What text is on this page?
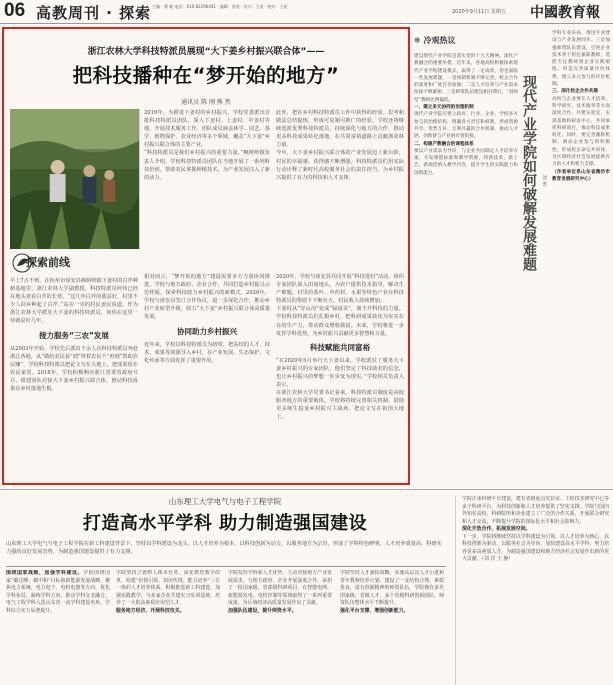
06 高教周刊 · 探索 主编：翟 帆 电话：010-82296441 · 编辑：张欣 · 设计：王星 · 校对：王星
2020年9月11日 星期五 中國教育報
浙江农林大学科技特派员展现“大下姜乡村振兴联合体”——
把科技播种在“梦开始的地方”
通讯员 陈 刚 熊 然
探索前线

早上7点不到，在杭州市淳安县枫树岭镇下姜村的白芹种植基地里，浙江农林大学副教授、科技特派员何伟已经在地头查看白芹的长势。“这几年白芹的收益好，村里不少人回乡种起了白芹。”站在一旁的村民姜民说道。作为浙江农林大学派驻大下姜的科技特派员，何伟在这里一待就是好几年。

接力服务“三农”发展

从2003年开始，学校先后派出千余人次科技特派员奔赴浙江各地，从“做给农民看”到“带着农民干”再到“帮助农民赚”，学校科技特派员把论文写在大地上，把成果留在农民家里。2018年，学校积极响应浙江省委省政府号召，组建团队对接大下姜乡村振兴联合体，推动科技成果在乡村落地生根。

2019年，为推进下姜村的乡村振兴，学校党委派出首批科技特派员团队，深入下姜村、上姜村、中姜村等地，开展技术服务工作。团队成员涵盖林学、园艺、茶学、植物保护、农业经济等多个领域，覆盖“大下姜”乡村振兴联合体的主要产业。

“科技特派员是我们乡村振兴的重要力量。”枫树岭镇负责人介绍，学校科技特派员团队在当地开展了一系列科技培训，帮助农民掌握种植技术，为产业发展注入了新的活力。

此外，把在乡村科技特派员工作中获得的经验、思考和做法总结提炼，形成可复制可推广的经验。学校还将继续选派优秀科技特派员，持续深化与地方的合作，推动更多科技成果转化落地，在共同富裕道路上贡献浙农林力量。

今年，大下姜乡村振兴联合体的产业发展迈上新台阶，村民的幸福感、获得感不断增强。科技特派员们用实际行动诠释了新时代高校服务社会的责任担当，为乡村振兴提供了有力的科技和人才支撑。

相对而言，“梦开始的地方”建设需要多方力量协同推进。学校与地方政府、企业合作，共同打造乡村振兴示范样板，探索科技助力乡村振兴的新模式。2020年，学校与淳安县签订合作协议，进一步深化合作，推动乡村产业转型升级，助力“大下姜”乡村振兴联合体高质量发展。

协同助力乡村振兴

近年来，学校以科技特派员为纽带，把高校的人才、技术、成果等资源导入乡村，在产业发展、生态保护、文化传承等方面发挥了重要作用。

2020年，学校与淳安县共同开展“科技进村”活动，组织专家团队深入田间地头，为农户提供技术指导，解决生产难题。村里的茶叶、中药材、水果等特色产业在科技特派员的帮助下不断壮大，村民收入持续增加。

下姜村从“穷山沟”变成“绿富美”，离不开科技的力量。学校科技特派员们扎根乡村，把科研成果转化为实实在在的生产力，带动群众增收致富。未来，学校将进一步发挥学科优势，为乡村振兴贡献更多智慧和力量。

科技赋能共同富裕

“在2020年5月举行大下姜以来，学校派驻了服务大下姜乡村振兴的专家团队，他们坚定了科技助农的信念，也让乡村振兴的梦想一步步变为现实。”学校相关负责人表示。

在浙江农林大学党委书记看来，科技特派员制度是高校服务地方的重要载体。学校将持续完善相关机制，鼓励更多师生投身乡村振兴主战场，把论文写在祖国大地上。

❄ 冷观热议
现代产业学院如何破解发展难题 刘 勇

建设现代产业学院是落实党的十九大精神、深化产教融合的重要举措。近年来，各地高校积极探索现代产业学院建设模式，取得了一定成效，但也面临一些发展难题。一是体制机制不够完善，校企合作的深度和广度有待加强；二是人才培养与产业需求衔接不够紧密；三是师资队伍建设相对滞后，“双师型”教师比例偏低。

一、建立多元协同的治理机制

现代产业学院应建立政府、行业、企业、学校多方参与的治理结构，明确各方责任和权利，形成资源共享、优势互补、互利共赢的合作机制，推动人才链、创新链与产业链有效衔接。

二、构建产教融合的课程体系

要以产业需求为导向，与企业共同制定人才培养方案，开发课程标准和教学资源，将新技术、新工艺、新规范纳入教学内容，提升学生的实践能力和创新能力。

学科专业布局，推进专业建设与产业发展同步。三是加强师资队伍建设，引进企业技术骨干担任兼职教师，选派专任教师到企业实践锻炼。四是完善质量评价体系，建立多元参与的评价机制。

三、深化校企合作共建

高校与企业要在人才培养、科学研究、技术服务等方面深度合作，共建实验室、实训基地和研发中心，共同承担科研项目，推动科技成果转化。同时，要完善激励机制，调动企业参与的积极性，形成校企命运共同体，为区域经济社会发展提供有力的人才和智力支撑。

（作者单位系山东省潍坊市教育发展研究中心）

山东理工大学电气与电子工程学院
打造高水平学科 助力制造强国建设

山东理工大学电气与电子工程学院在新工科建设背景下，坚持以学科建设为龙头，以人才培养为根本，以科技创新为动力，以服务地方为宗旨，形成了学科特色鲜明、人才培养质量高、科研实力强的良好发展态势，为制造强国建设提供了有力支撑。

围绕国家战略，加强学科建设。学院围绕国家“碳达峰、碳中和”目标和新能源发展战略，聚焦电力系统、电力电子、电机电器等方向，优化学科布局，凝练学科方向，推动学科交叉融合。电气工程学科入选山东省一流学科建设名单，学科综合实力显著提升。

学院坚持立德树人根本任务，深化教育教学改革，构建“价值引领、知识传授、能力培养”三位一体的人才培养体系。积极推进新工科建设，加强实践教学，与多家企业共建实习实训基地，培养了一大批高素质应用型人才。

服务地方经济，开展科技攻关。

学院发挥学科和人才优势，主动对接地方产业发展需求，与地方政府、企业开展深度合作，承担了一批国家级、省部级科研项目，在智能电网、新能源发电、电机控制等领域取得了一系列重要成果，为区域经济高质量发展作出了贡献。

加强队伍建设，提升师资水平。

学院坚持人才强院战略，实施高层次人才引进和青年教师培养计划，建设了一支结构合理、素质优良、富有创新精神的师资队伍。学院拥有多名国家级、省级人才，多个省级科研创新团队，师资队伍整体水平不断提升。

强化平台支撑，增强创新能力。

学院注重科研平台建设，建有省级重点实验室、工程技术研究中心等多个科研平台，为科技创新和人才培养提供了坚实支撑。学院与国内外知名高校、科研院所和企业建立了广泛的合作关系，开展联合研究和人才交流，不断提升学院的国际化水平和社会影响力。

深化开放合作，拓展发展空间。

下一步，学院将继续坚持以学科建设为引领，以人才培养为核心，以科技创新为驱动，以服务社会为导向，加快建设高水平学科，努力培养更多高素质人才，为制造强国建设和地方经济社会发展作出新的更大贡献。（刘 洋 王 静）
